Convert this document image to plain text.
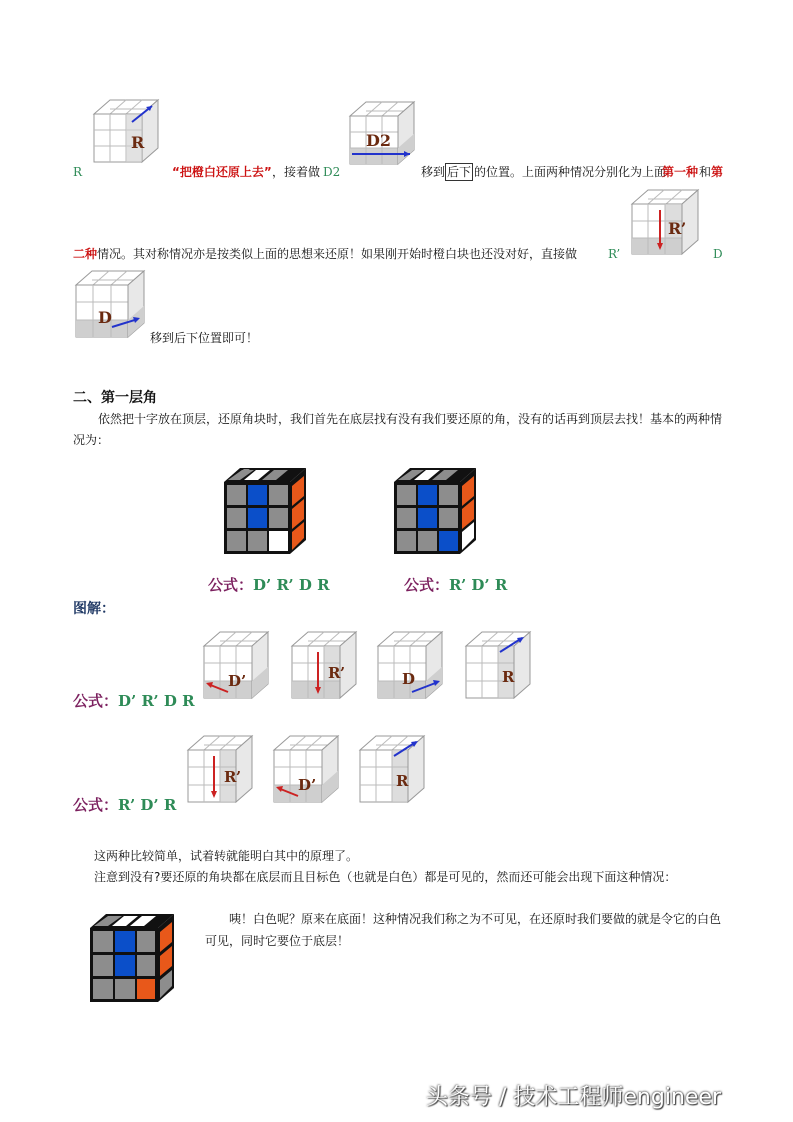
﻿
R
R	“把橙白还原上去” ，接着做 D2
D2
移到 后下 的位置。上面两种情况分别化为上面
第一种 和 第
R’
二种 情况。其对称情况亦是按类似上面的思想来还原！如果刚开始时橙白块也还没对好，直接做	R’	D
D
移到后下位置即可！
二、第一层角
依然把十字放在顶层，还原角块时，我们首先在底层找有没有我们要还原的角，没有的话再到顶层去找！基本的两种情
况为：
公式：D’ R’ D R	公式：R’ D’ R
图解：
公式：D’ R’ D R
D’	R’	D	R
公式：R’ D’ R
R’	D’	R
这两种比较简单，试着转就能明白其中的原理了。
注意到没有?要还原的角块都在底层而且目标色（也就是白色）都是可见的，然而还可能会出现下面这种情况：
咦！白色呢？原来在底面！这种情况我们称之为不可见，在还原时我们要做的就是令它的白色
可见，同时它要位于底层！
头条号 / 技术工程师engineer
